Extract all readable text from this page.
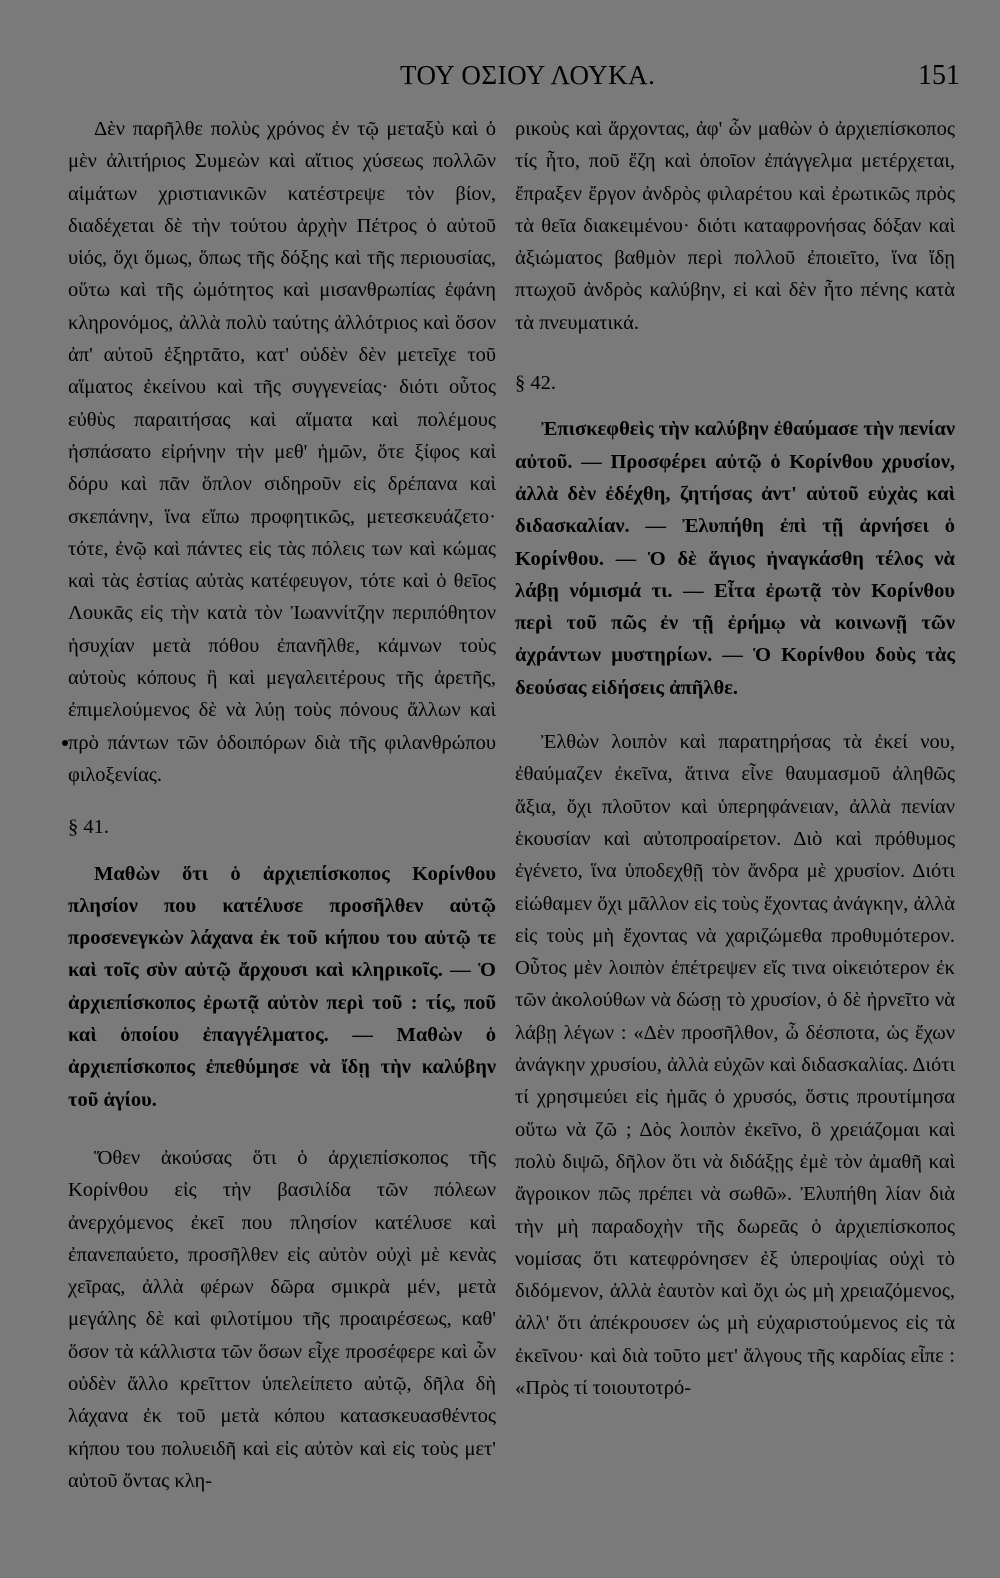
ΤΟΥ ΟΣΙΟΥ ΛΟΥΚΑ.	151

Δὲν παρῆλθε πολὺς χρόνος ἐν τῷ μεταξὺ καὶ ὁ μὲν ἀλιτήριος Συμεὼν καὶ αἴτιος χύσεως πολλῶν αἱμάτων χριστιανικῶν κατέστρεψε τὸν βίον, διαδέχεται δὲ τὴν τούτου ἀρχὴν Πέτρος ὁ αὐτοῦ υἱός, ὄχι ὅμως, ὅπως τῆς δόξης καὶ τῆς περιουσίας, οὕτω καὶ τῆς ὠμότητος καὶ μισανθρωπίας ἐφάνη κληρονόμος, ἀλλὰ πολὺ ταύτης ἀλλότριος καὶ ὅσον ἀπ' αὐτοῦ ἐξηρτᾶτο, κατ' οὐδὲν δὲν μετεῖχε τοῦ αἵματος ἐκείνου καὶ τῆς συγγενείας· διότι οὗτος εὐθὺς παραιτήσας καὶ αἵματα καὶ πολέμους ἠσπάσατο εἰρήνην τὴν μεθ' ἡμῶν, ὅτε ξίφος καὶ δόρυ καὶ πᾶν ὅπλον σιδηροῦν εἰς δρέπανα καὶ σκεπάνην, ἵνα εἴπω προφητικῶς, μετεσκευάζετο· τότε, ἐνῷ καὶ πάντες εἰς τὰς πόλεις των καὶ κώμας καὶ τὰς ἑστίας αὐτὰς κατέφευγον, τότε καὶ ὁ θεῖος Λουκᾶς εἰς τὴν κατὰ τὸν Ἰωαννίτζην περιπόθητον ἡσυχίαν μετὰ πόθου ἐπανῆλθε, κάμνων τοὺς αὐτοὺς κόπους ἢ καὶ μεγαλειτέρους τῆς ἀρετῆς, ἐπιμελούμενος δὲ νὰ λύῃ τοὺς πόνους ἄλλων καὶ πρὸ πάντων τῶν ὁδοιπόρων διὰ τῆς φιλανθρώπου φιλοξενίας.

§ 41.

Μαθὼν ὅτι ὁ ἀρχιεπίσκοπος Κορίνθου πλησίον που κατέλυσε προσῆλθεν αὐτῷ προσενεγκὼν λάχανα ἐκ τοῦ κήπου του αὐτῷ τε καὶ τοῖς σὺν αὐτῷ ἄρχουσι καὶ κληρικοῖς. — Ὁ ἀρχιεπίσκοπος ἐρωτᾷ αὐτὸν περὶ τοῦ : τίς, ποῦ καὶ ὁποίου ἐπαγγέλματος. — Μαθὼν ὁ ἀρχιεπίσκοπος ἐπεθύμησε νὰ ἴδῃ τὴν καλύβην τοῦ ἁγίου.

Ὅθεν ἀκούσας ὅτι ὁ ἀρχιεπίσκοπος τῆς Κορίνθου εἰς τὴν βασιλίδα τῶν πόλεων ἀνερχόμενος ἐκεῖ που πλησίον κατέλυσε καὶ ἐπανεπαύετο, προσῆλθεν εἰς αὐτὸν οὐχὶ μὲ κενὰς χεῖρας, ἀλλὰ φέρων δῶρα σμικρὰ μέν, μετὰ μεγάλης δὲ καὶ φιλοτίμου τῆς προαιρέσεως, καθ' ὅσον τὰ κάλλιστα τῶν ὅσων εἶχε προσέφερε καὶ ὧν οὐδὲν ἄλλο κρεῖττον ὑπελείπετο αὐτῷ, δῆλα δὴ λάχανα ἐκ τοῦ μετὰ κόπου κατασκευασθέντος κήπου του πολυειδῆ καὶ εἰς αὐτὸν καὶ εἰς τοὺς μετ' αὐτοῦ ὄντας κλη-

ρικοὺς καὶ ἄρχοντας, ἀφ' ὧν μαθὼν ὁ ἀρχιεπίσκοπος τίς ἦτο, ποῦ ἔζη καὶ ὁποῖον ἐπάγγελμα μετέρχεται, ἔπραξεν ἔργον ἀνδρὸς φιλαρέτου καὶ ἐρωτικῶς πρὸς τὰ θεῖα διακειμένου· διότι καταφρονήσας δόξαν καὶ ἀξιώματος βαθμὸν περὶ πολλοῦ ἐποιεῖτο, ἵνα ἴδῃ πτωχοῦ ἀνδρὸς καλύβην, εἰ καὶ δὲν ἦτο πένης κατὰ τὰ πνευματικά.

§ 42.

Ἐπισκεφθεὶς τὴν καλύβην ἐθαύμασε τὴν πενίαν αὐτοῦ. — Προσφέρει αὐτῷ ὁ Κορίνθου χρυσίον, ἀλλὰ δὲν ἐδέχθη, ζητήσας ἀντ' αὐτοῦ εὐχὰς καὶ διδασκαλίαν. — Ἐλυπήθη ἐπὶ τῇ ἀρνήσει ὁ Κορίνθου. — Ὁ δὲ ἅγιος ἠναγκάσθη τέλος νὰ λάβῃ νόμισμά τι. — Εἶτα ἐρωτᾷ τὸν Κορίνθου περὶ τοῦ πῶς ἐν τῇ ἐρήμῳ νὰ κοινωνῇ τῶν ἀχράντων μυστηρίων. — Ὁ Κορίνθου δοὺς τὰς δεούσας εἰδήσεις ἀπῆλθε.

Ἐλθὼν λοιπὸν καὶ παρατηρήσας τὰ ἐκεί νου, ἐθαύμαζεν ἐκεῖνα, ἅτινα εἶνε θαυμασμοῦ ἀληθῶς ἄξια, ὄχι πλοῦτον καὶ ὑπερηφάνειαν, ἀλλὰ πενίαν ἑκουσίαν καὶ αὐτοπροαίρετον. Διὸ καὶ πρόθυμος ἐγένετο, ἵνα ὑποδεχθῇ τὸν ἄνδρα μὲ χρυσίον. Διότι εἰώθαμεν ὄχι μᾶλλον εἰς τοὺς ἔχοντας ἀνάγκην, ἀλλὰ εἰς τοὺς μὴ ἔχοντας νὰ χαριζώμεθα προθυμότερον. Οὗτος μὲν λοιπὸν ἐπέτρεψεν εἴς τινα οἰκειότερον ἐκ τῶν ἀκολούθων νὰ δώσῃ τὸ χρυσίον, ὁ δὲ ἠρνεῖτο νὰ λάβῃ λέγων : «Δὲν προσῆλθον, ὦ δέσποτα, ὡς ἔχων ἀνάγκην χρυσίου, ἀλλὰ εὐχῶν καὶ διδασκαλίας. Διότι τί χρησιμεύει εἰς ἡμᾶς ὁ χρυσός, ὅστις προυτίμησα οὕτω νὰ ζῶ ; Δὸς λοιπὸν ἐκεῖνο, ὃ χρειάζομαι καὶ πολὺ διψῶ, δῆλον ὅτι νὰ διδάξῃς ἐμὲ τὸν ἀμαθῆ καὶ ἄγροικον πῶς πρέπει νὰ σωθῶ». Ἐλυπήθη λίαν διὰ τὴν μὴ παραδοχὴν τῆς δωρεᾶς ὁ ἀρχιεπίσκοπος νομίσας ὅτι κατεφρόνησεν ἐξ ὑπεροψίας οὐχὶ τὸ διδόμενον, ἀλλὰ ἑαυτὸν καὶ ὄχι ὡς μὴ χρειαζόμενος, ἀλλ' ὅτι ἀπέκρουσεν ὡς μὴ εὐχαριστούμενος εἰς τὰ ἐκεῖνου· καὶ διὰ τοῦτο μετ' ἄλγους τῆς καρδίας εἶπε : «Πρὸς τί τοιουτοτρό-
